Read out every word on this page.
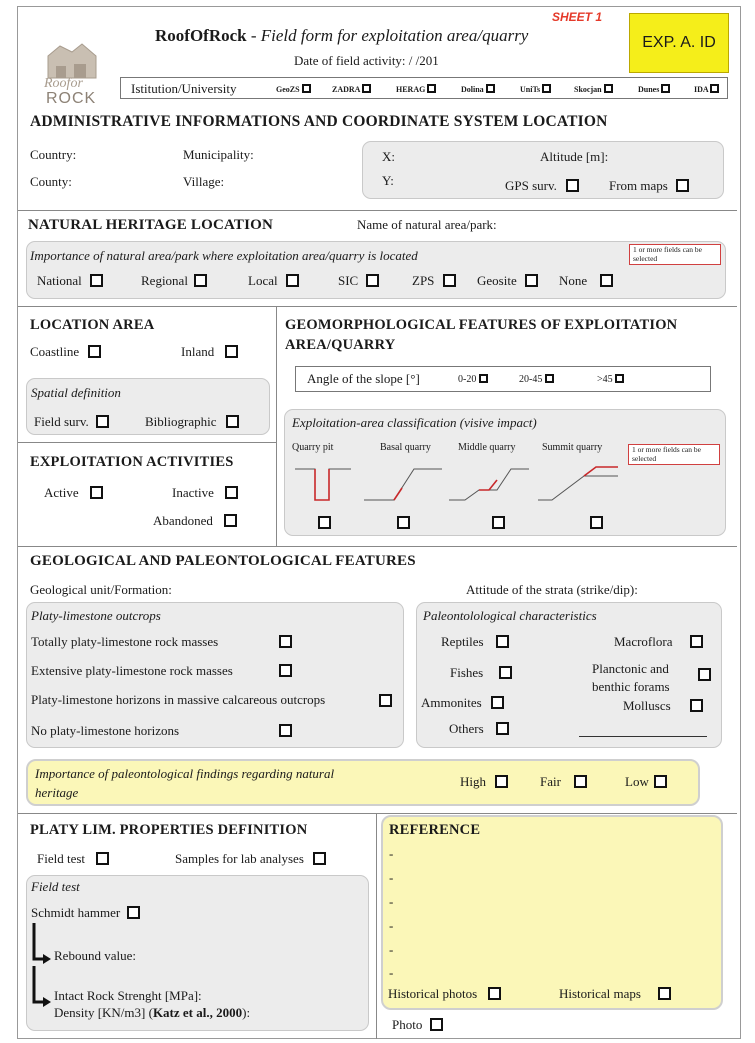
SHEET 1
RoofOfRock - Field form for exploitation area/quarry
Date of field activity: / /201
EXP. A. ID
Roofor
ROCK
Istitution/University	GeoZS	ZADRA	HERAG	Dolina	UniTs	Skocjan	Dunes	IDA
ADMINISTRATIVE INFORMATIONS AND COORDINATE SYSTEM LOCATION
Country:
County:
Municipality:
Village:
X:
Y:
Altitude [m]:
GPS surv.	From maps
NATURAL HERITAGE LOCATION	Name of natural area/park:
Importance of natural area/park where exploitation area/quarry is located	1 or more fields can be selected
National	Regional	Local	SIC	ZPS	Geosite	None
LOCATION AREA
Coastline	Inland
Spatial definition
Field surv.	Bibliographic
EXPLOITATION ACTIVITIES
Active	Inactive
Abandoned
GEOMORPHOLOGICAL FEATURES OF EXPLOITATION
AREA/QUARRY
Angle of the slope [°]	0-20	20-45	>45
Exploitation-area classification (visive impact)
1 or more fields can be selected
Quarry pit	Basal quarry	Middle quarry	Summit quarry
GEOLOGICAL AND PALEONTOLOGICAL FEATURES
Geological unit/Formation:	Attitude of the strata (strike/dip):
Platy-limestone outcrops
Totally platy-limestone rock masses
Extensive platy-limestone rock masses
Platy-limestone horizons in massive calcareous outcrops
No platy-limestone horizons
Paleontolological characteristics
Reptiles
Fishes
Ammonites
Others
Macroflora
Planctonic and
benthic forams
Molluscs
Importance of paleontological findings regarding natural
heritage
High	Fair	Low
PLATY LIM. PROPERTIES DEFINITION
Field test	Samples for lab analyses
Field test
Schmidt hammer
Rebound value:
Intact Rock Strenght [MPa]:
Density [KN/m3] (Katz et al., 2000):
REFERENCE
-
-
-
-
-
-
Historical photos	Historical maps
Photo
